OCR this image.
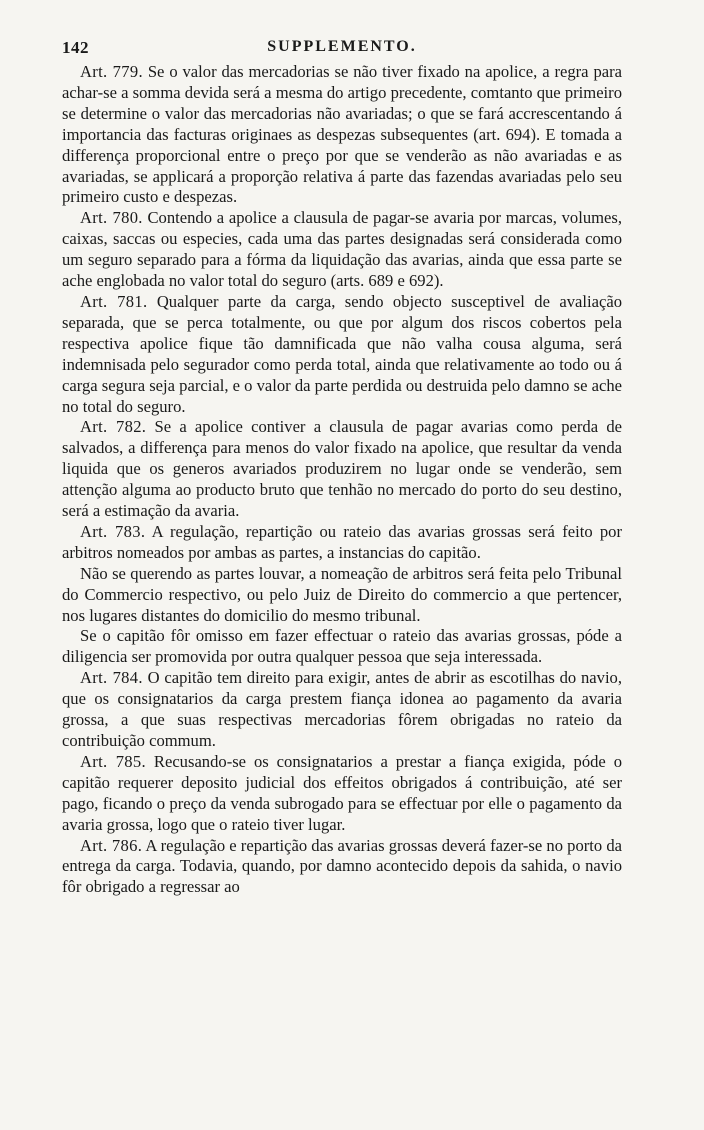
142	SUPPLEMENTO.

Art. 779. Se o valor das mercadorias se não tiver fixado na apolice, a regra para achar-se a somma devida será a mesma do artigo precedente, comtanto que primeiro se determine o valor das mercadorias não avariadas; o que se fará accrescentando á importancia das facturas originaes as despezas subsequentes (art. 694). E tomada a differença proporcional entre o preço por que se venderão as não avariadas e as avariadas, se applicará a proporção relativa á parte das fazendas avariadas pelo seu primeiro custo e despezas.

Art. 780. Contendo a apolice a clausula de pagar-se avaria por marcas, volumes, caixas, saccas ou especies, cada uma das partes designadas será considerada como um seguro separado para a fórma da liquidação das avarias, ainda que essa parte se ache englobada no valor total do seguro (arts. 689 e 692).

Art. 781. Qualquer parte da carga, sendo objecto susceptivel de avaliação separada, que se perca totalmente, ou que por algum dos riscos cobertos pela respectiva apolice fique tão damnificada que não valha cousa alguma, será indemnisada pelo segurador como perda total, ainda que relativamente ao todo ou á carga segura seja parcial, e o valor da parte perdida ou destruida pelo damno se ache no total do seguro.

Art. 782. Se a apolice contiver a clausula de pagar avarias como perda de salvados, a differença para menos do valor fixado na apolice, que resultar da venda liquida que os generos avariados produzirem no lugar onde se venderão, sem attenção alguma ao producto bruto que tenhão no mercado do porto do seu destino, será a estimação da avaria.

Art. 783. A regulação, repartição ou rateio das avarias grossas será feito por arbitros nomeados por ambas as partes, a instancias do capitão.

Não se querendo as partes louvar, a nomeação de arbitros será feita pelo Tribunal do Commercio respectivo, ou pelo Juiz de Direito do commercio a que pertencer, nos lugares distantes do domicilio do mesmo tribunal.

Se o capitão fôr omisso em fazer effectuar o rateio das avarias grossas, póde a diligencia ser promovida por outra qualquer pessoa que seja interessada.

Art. 784. O capitão tem direito para exigir, antes de abrir as escotilhas do navio, que os consignatarios da carga prestem fiança idonea ao pagamento da avaria grossa, a que suas respectivas mercadorias fôrem obrigadas no rateio da contribuição commum.

Art. 785. Recusando-se os consignatarios a prestar a fiança exigida, póde o capitão requerer deposito judicial dos effeitos obrigados á contribuição, até ser pago, ficando o preço da venda subrogado para se effectuar por elle o pagamento da avaria grossa, logo que o rateio tiver lugar.

Art. 786. A regulação e repartição das avarias grossas deverá fazer-se no porto da entrega da carga. Todavia, quando, por damno acontecido depois da sahida, o navio fôr obrigado a regressar ao
